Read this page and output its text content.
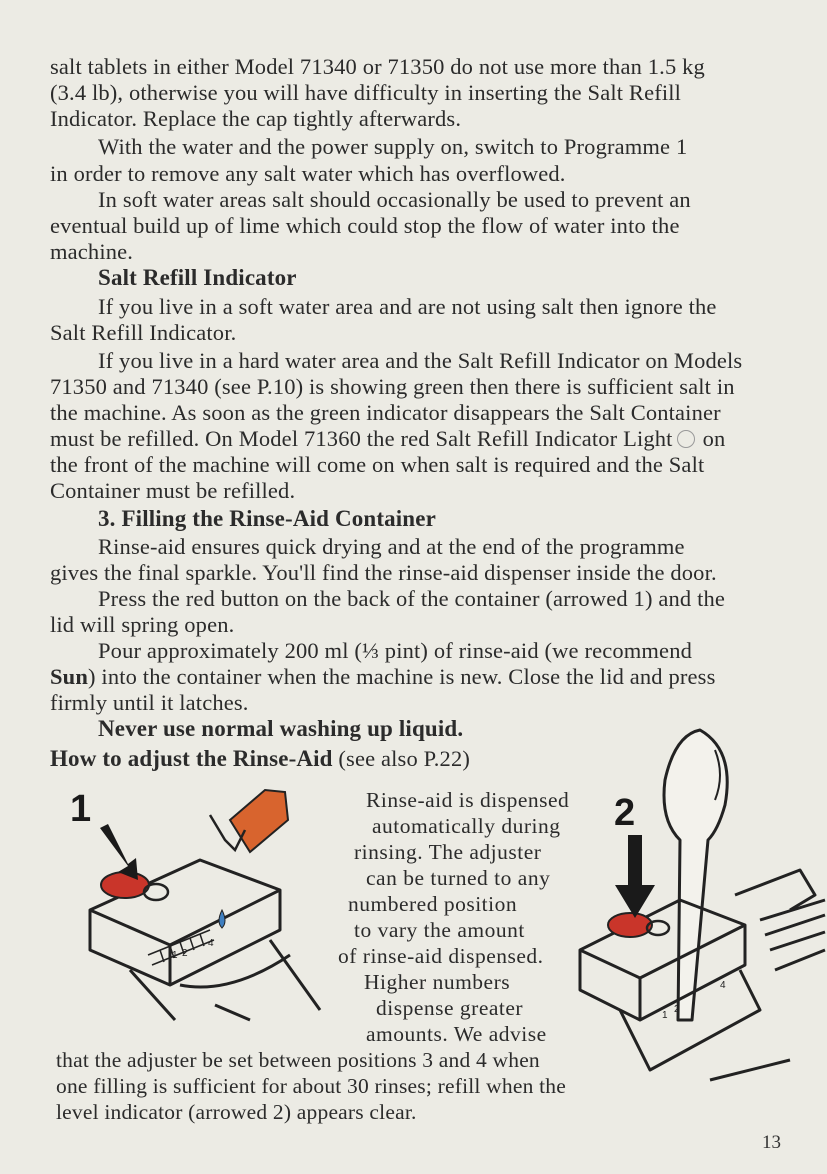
salt tablets in either Model 71340 or 71350 do not use more than 1.5 kg
(3.4 lb), otherwise you will have difficulty in inserting the Salt Refill
Indicator. Replace the cap tightly afterwards.
With the water and the power supply on, switch to Programme 1
in order to remove any salt water which has overflowed.
In soft water areas salt should occasionally be used to prevent an
eventual build up of lime which could stop the flow of water into the
machine.
Salt Refill Indicator
If you live in a soft water area and are not using salt then ignore the
Salt Refill Indicator.
If you live in a hard water area and the Salt Refill Indicator on Models
71350 and 71340 (see P.10) is showing green then there is sufficient salt in
the machine. As soon as the green indicator disappears the Salt Container
must be refilled. On Model 71360 the red Salt Refill Indicator Light on
the front of the machine will come on when salt is required and the Salt
Container must be refilled.
3. Filling the Rinse-Aid Container
Rinse-aid ensures quick drying and at the end of the programme
gives the final sparkle. You'll find the rinse-aid dispenser inside the door.
Press the red button on the back of the container (arrowed 1) and the
lid will spring open.
Pour approximately 200 ml (⅓ pint) of rinse-aid (we recommend
Sun) into the container when the machine is new. Close the lid and press
firmly until it latches.
Never use normal washing up liquid.
How to adjust the Rinse-Aid (see also P.22)
Rinse-aid is dispensed
automatically during
rinsing. The adjuster
can be turned to any
numbered position
to vary the amount
of rinse-aid dispensed.
Higher numbers
dispense greater
amounts. We advise
that the adjuster be set between positions 3 and 4 when
one filling is sufficient for about 30 rinses; refill when the
level indicator (arrowed 2) appears clear.
1
1 2
4
2
1
2
4
13
